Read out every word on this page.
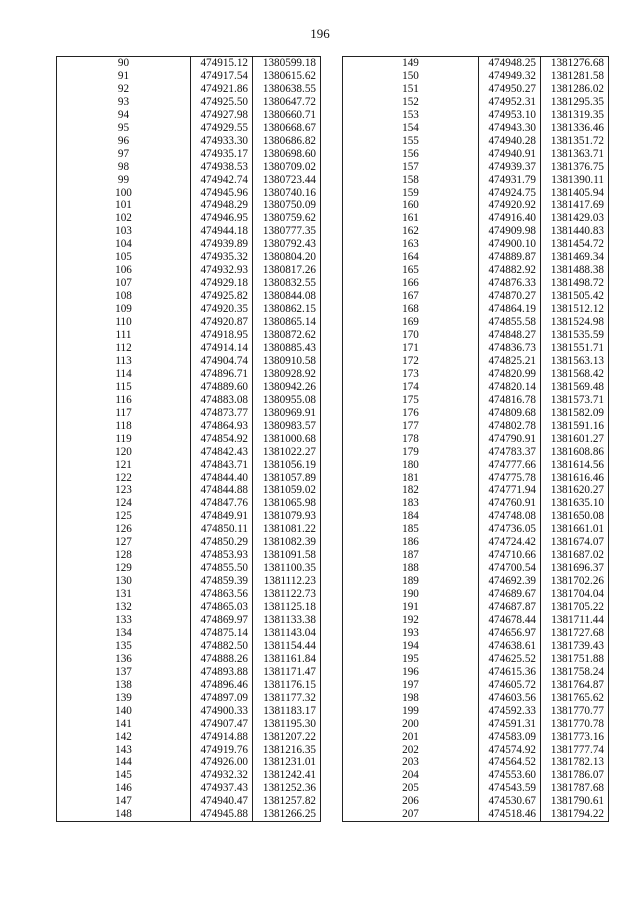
196
90	474915.12	1380599.18
91	474917.54	1380615.62
92	474921.86	1380638.55
93	474925.50	1380647.72
94	474927.98	1380660.71
95	474929.55	1380668.67
96	474933.30	1380686.82
97	474935.17	1380698.60
98	474938.53	1380709.02
99	474942.74	1380723.44
100	474945.96	1380740.16
101	474948.29	1380750.09
102	474946.95	1380759.62
103	474944.18	1380777.35
104	474939.89	1380792.43
105	474935.32	1380804.20
106	474932.93	1380817.26
107	474929.18	1380832.55
108	474925.82	1380844.08
109	474920.35	1380862.15
110	474920.87	1380865.14
111	474918.95	1380872.62
112	474914.14	1380885.43
113	474904.74	1380910.58
114	474896.71	1380928.92
115	474889.60	1380942.26
116	474883.08	1380955.08
117	474873.77	1380969.91
118	474864.93	1380983.57
119	474854.92	1381000.68
120	474842.43	1381022.27
121	474843.71	1381056.19
122	474844.40	1381057.89
123	474844.88	1381059.02
124	474847.76	1381065.98
125	474849.91	1381079.93
126	474850.11	1381081.22
127	474850.29	1381082.39
128	474853.93	1381091.58
129	474855.50	1381100.35
130	474859.39	1381112.23
131	474863.56	1381122.73
132	474865.03	1381125.18
133	474869.97	1381133.38
134	474875.14	1381143.04
135	474882.50	1381154.44
136	474888.26	1381161.84
137	474893.88	1381171.47
138	474896.46	1381176.15
139	474897.09	1381177.32
140	474900.33	1381183.17
141	474907.47	1381195.30
142	474914.88	1381207.22
143	474919.76	1381216.35
144	474926.00	1381231.01
145	474932.32	1381242.41
146	474937.43	1381252.36
147	474940.47	1381257.82
148	474945.88	1381266.25
149	474948.25	1381276.68
150	474949.32	1381281.58
151	474950.27	1381286.02
152	474952.31	1381295.35
153	474953.10	1381319.35
154	474943.30	1381336.46
155	474940.28	1381351.72
156	474940.91	1381363.71
157	474939.37	1381376.75
158	474931.79	1381390.11
159	474924.75	1381405.94
160	474920.92	1381417.69
161	474916.40	1381429.03
162	474909.98	1381440.83
163	474900.10	1381454.72
164	474889.87	1381469.34
165	474882.92	1381488.38
166	474876.33	1381498.72
167	474870.27	1381505.42
168	474864.19	1381512.12
169	474855.58	1381524.98
170	474848.27	1381535.59
171	474836.73	1381551.71
172	474825.21	1381563.13
173	474820.99	1381568.42
174	474820.14	1381569.48
175	474816.78	1381573.71
176	474809.68	1381582.09
177	474802.78	1381591.16
178	474790.91	1381601.27
179	474783.37	1381608.86
180	474777.66	1381614.56
181	474775.78	1381616.46
182	474771.94	1381620.27
183	474760.91	1381635.10
184	474748.08	1381650.08
185	474736.05	1381661.01
186	474724.42	1381674.07
187	474710.66	1381687.02
188	474700.54	1381696.37
189	474692.39	1381702.26
190	474689.67	1381704.04
191	474687.87	1381705.22
192	474678.44	1381711.44
193	474656.97	1381727.68
194	474638.61	1381739.43
195	474625.52	1381751.88
196	474615.36	1381758.24
197	474605.72	1381764.87
198	474603.56	1381765.62
199	474592.33	1381770.77
200	474591.31	1381770.78
201	474583.09	1381773.16
202	474574.92	1381777.74
203	474564.52	1381782.13
204	474553.60	1381786.07
205	474543.59	1381787.68
206	474530.67	1381790.61
207	474518.46	1381794.22
